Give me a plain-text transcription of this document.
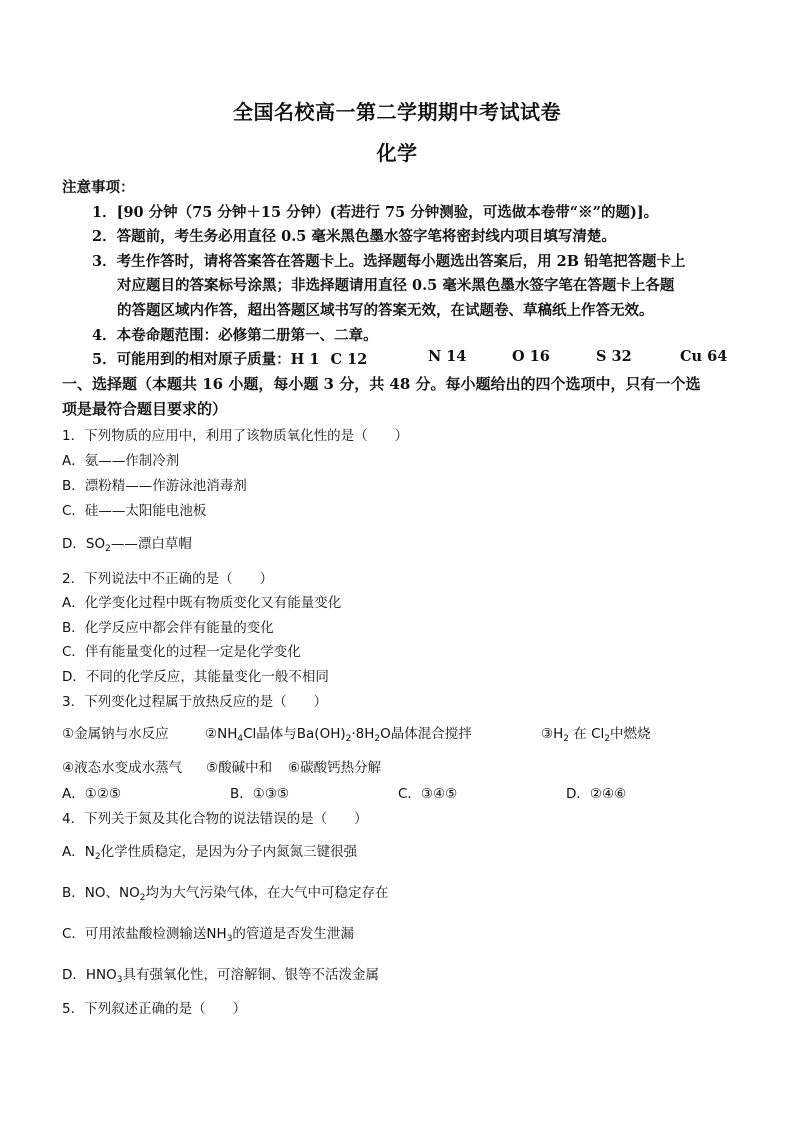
全国名校高一第二学期期中考试试卷
化学
注意事项：
1．[90 分钟（75 分钟＋15 分钟）(若进行 75 分钟测验，可选做本卷带“※”的题)]。
2．答题前，考生务必用直径 0.5 毫米黑色墨水签字笔将密封线内项目填写清楚。
3．考生作答时，请将答案答在答题卡上。选择题每小题选出答案后，用 2B 铅笔把答题卡上
对应题目的答案标号涂黑；非选择题请用直径 0.5 毫米黑色墨水签字笔在答题卡上各题
的答题区域内作答，超出答题区域书写的答案无效，在试题卷、草稿纸上作答无效。
4．本卷命题范围：必修第二册第一、二章。
5．可能用到的相对原子质量：H 1 C 12	N 14	O 16	S 32	Cu 64
一、选择题（本题共 16 小题，每小题 3 分，共 48 分。每小题给出的四个选项中，只有一个选
项是最符合题目要求的）
1．下列物质的应用中，利用了该物质氧化性的是（　　）
A．氨——作制冷剂
B．漂粉精——作游泳池消毒剂
C．硅——太阳能电池板
D．$SO_2——$漂白草帽
2．下列说法中不正确的是（　　）
A．化学变化过程中既有物质变化又有能量变化
B．化学反应中都会伴有能量的变化
C．伴有能量变化的过程一定是化学变化
D．不同的化学反应，其能量变化一般不相同
3．下列变化过程属于放热反应的是（　　）
①金属钠与水反应	$②NH_4Cl$晶体与$Ba(OH)_2\cdot 8H_2O$晶体混合搅拌	$③H_2$ 在 $Cl_2$中燃烧
④液态水变成水蒸气 ⑤酸碱中和 ⑥碳酸钙热分解
A．①②⑤	B．①③⑤	C．③④⑤	D．②④⑥
4．下列关于氮及其化合物的说法错误的是（　　）
A．$N_2$化学性质稳定，是因为分子内氮氮三键很强
B．NO、$NO_2$均为大气污染气体，在大气中可稳定存在
C．可用浓盐酸检测输送$NH_3$的管道是否发生泄漏
D．$HNO_3$具有强氧化性，可溶解铜、银等不活泼金属
5．下列叙述正确的是（　　）
